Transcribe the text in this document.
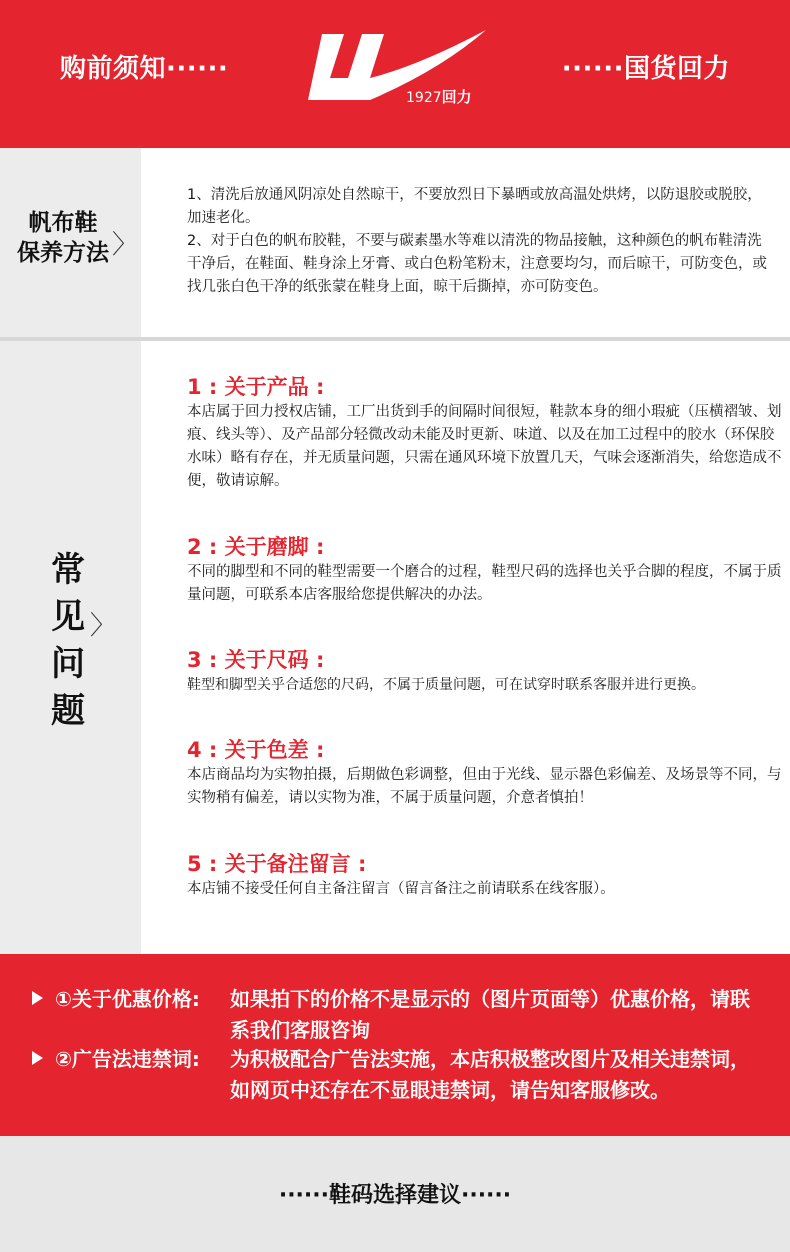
购前须知······
1927回力
······国货回力
帆布鞋
保养方法 〉

1、清洗后放通风阴凉处自然晾干，不要放烈日下暴晒或放高温处烘烤，以防退胶或脱胶，加速老化。

2、对于白色的帆布胶鞋，不要与碳素墨水等难以清洗的物品接触，这种颜色的帆布鞋清洗干净后，在鞋面、鞋身涂上牙膏、或白色粉笔粉末，注意要均匀，而后晾干，可防变色，或找几张白色干净的纸张蒙在鞋身上面，晾干后撕掉，亦可防变色。

常
见
问
题
〉
1 : 关于产品 :
本店属于回力授权店铺，工厂出货到手的间隔时间很短，鞋款本身的细小瑕疵（压横褶皱、划痕、线头等）、及产品部分轻微改动未能及时更新、味道、以及在加工过程中的胶水（环保胶水味）略有存在，并无质量问题，只需在通风环境下放置几天，气味会逐渐消失，给您造成不便，敬请谅解。
2 : 关于磨脚 :
不同的脚型和不同的鞋型需要一个磨合的过程，鞋型尺码的选择也关乎合脚的程度，不属于质量问题，可联系本店客服给您提供解决的办法。
3 : 关于尺码 :
鞋型和脚型关乎合适您的尺码，不属于质量问题，可在试穿时联系客服并进行更换。
4 : 关于色差 :
本店商品均为实物拍摄，后期做色彩调整，但由于光线、显示器色彩偏差、及场景等不同，与实物稍有偏差，请以实物为准，不属于质量问题，介意者慎拍！
5 : 关于备注留言 :
本店铺不接受任何自主备注留言（留言备注之前请联系在线客服）。
①关于优惠价格: 如果拍下的价格不是显示的（图片页面等）优惠价格，请联系我们客服咨询
②广告法违禁词: 为积极配合广告法实施，本店积极整改图片及相关违禁词，如网页中还存在不显眼违禁词，请告知客服修改。
······鞋码选择建议······
